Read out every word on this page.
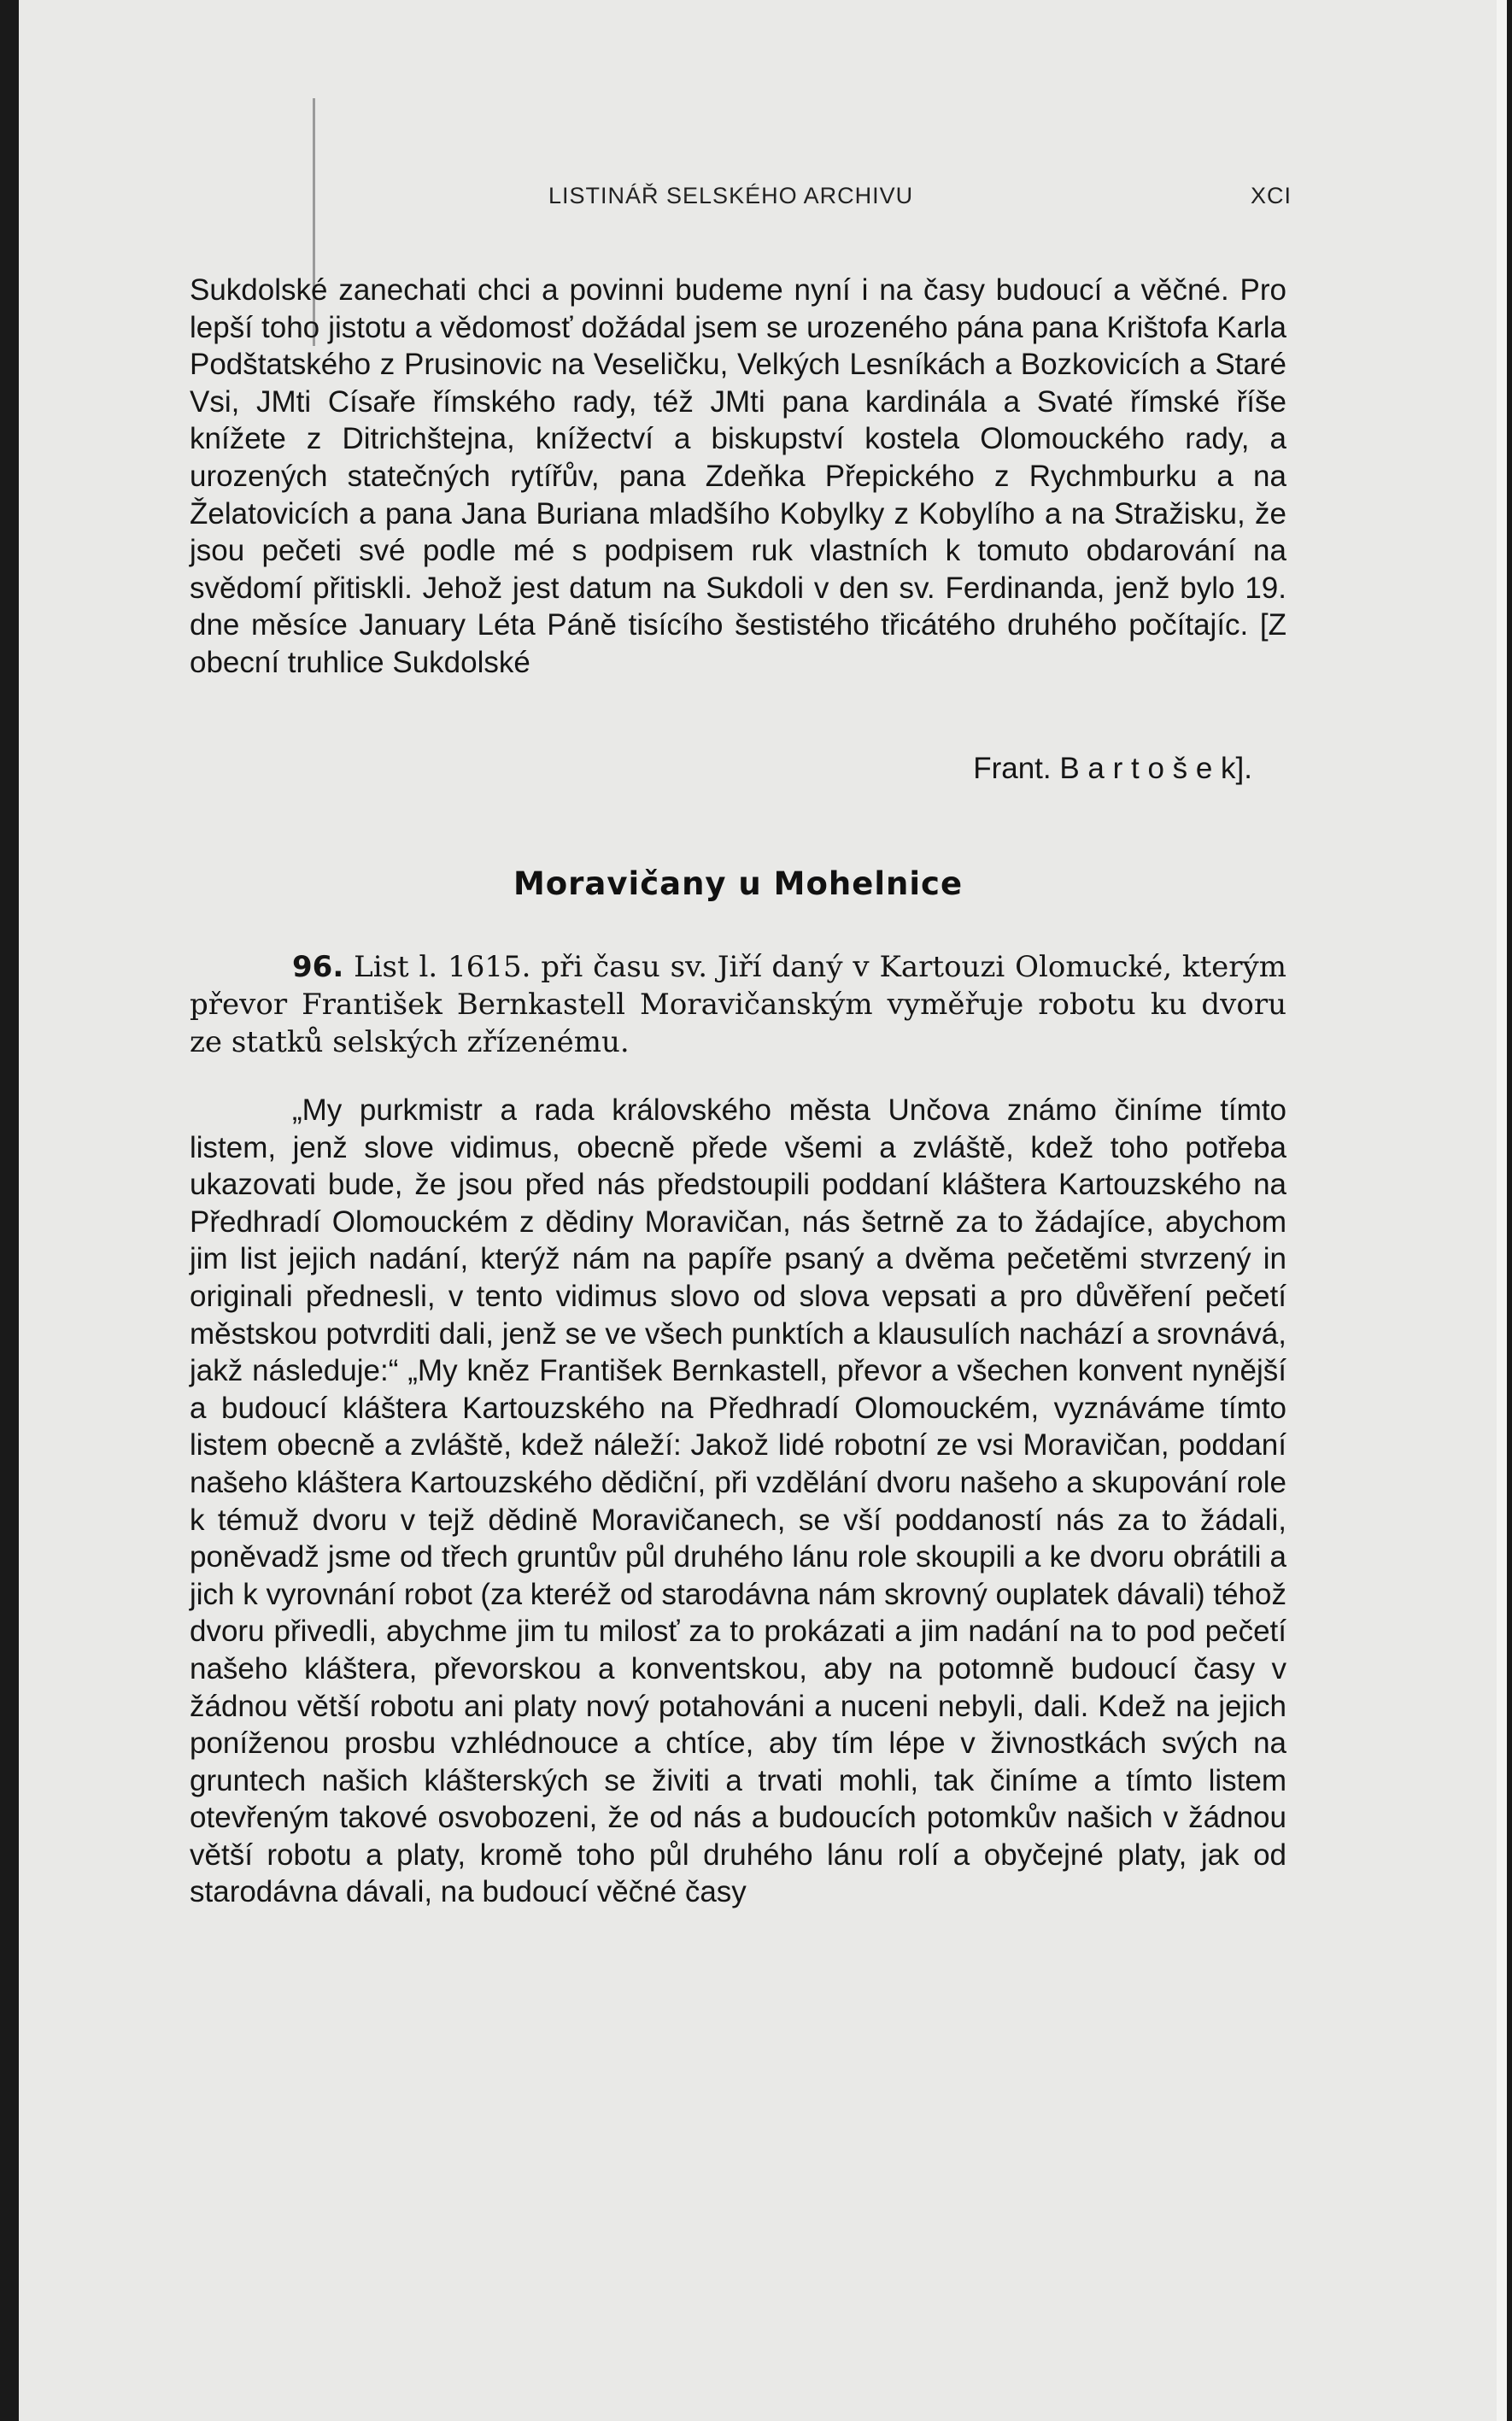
LISTINÁŘ SELSKÉHO ARCHIVU	XCI
Sukdolské zanechati chci a povinni budeme nyní i na časy budoucí a věčné. Pro lepší toho jistotu a vědomosť dožádal jsem se urozeného pána pana Krištofa Karla Podštatského z Prusinovic na Veseličku, Velkých Lesníkách a Bozkovicích a Staré Vsi, JMti Císaře římského rady, též JMti pana kardinála a Svaté římské říše knížete z Ditrichštejna, knížectví a biskupství kostela Olomouckého rady, a urozených statečných rytířův, pana Zdeňka Přepického z Rychmburku a na Želatovicích a pana Jana Buriana mladšího Kobylky z Kobylího a na Stražisku, že jsou pečeti své podle mé s podpisem ruk vlastních k tomuto obdarování na svědomí přitiskli. Jehož jest datum na Sukdoli v den sv. Ferdinanda, jenž bylo 19. dne měsíce January Léta Páně tisícího šestistého třicátého druhého počítajíc. [Z obecní truhlice Sukdolské
Frant. B a r t o š e k].
Moravičany u Mohelnice
96. List l. 1615. při času sv. Jiří daný v Kartouzi Olomucké, kterým převor František Bernkastell Moravičanským vyměřuje robotu ku dvoru ze statků selských zřízenému.
„My purkmistr a rada královského města Unčova známo činíme tímto listem, jenž slove vidimus, obecně přede všemi a zvláště, kdež toho potřeba ukazovati bude, že jsou před nás předstoupili poddaní kláštera Kartouzského na Předhradí Olomouckém z dědiny Moravičan, nás šetrně za to žádajíce, abychom jim list jejich nadání, kterýž nám na papíře psaný a dvěma pečetěmi stvrzený in originali přednesli, v tento vidimus slovo od slova vepsati a pro důvěření pečetí městskou potvrditi dali, jenž se ve všech punktích a klausulích nachází a srovnává, jakž následuje:“ „My kněz František Bernkastell, převor a všechen konvent nynější a budoucí kláštera Kartouzského na Předhradí Olomouckém, vyznáváme tímto listem obecně a zvláště, kdež náleží: Jakož lidé robotní ze vsi Moravičan, poddaní našeho kláštera Kartouzského dědiční, při vzdělání dvoru našeho a skupování role k témuž dvoru v tejž dědině Moravičanech, se vší poddaností nás za to žádali, poněvadž jsme od třech gruntův půl druhého lánu role skoupili a ke dvoru obrátili a jich k vyrovnání robot (za kteréž od starodávna nám skrovný ouplatek dávali) téhož dvoru přivedli, abychme jim tu milosť za to prokázati a jim nadání na to pod pečetí našeho kláštera, převorskou a konventskou, aby na potomně budoucí časy v žádnou větší robotu ani platy nový potahováni a nuceni nebyli, dali. Kdež na jejich poníženou prosbu vzhlédnouce a chtíce, aby tím lépe v živnostkách svých na gruntech našich klášterských se živiti a trvati mohli, tak činíme a tímto listem otevřeným takové osvobozeni, že od nás a budoucích potomkův našich v žádnou větší robotu a platy, kromě toho půl druhého lánu rolí a obyčejné platy, jak od starodávna dávali, na budoucí věčné časy
